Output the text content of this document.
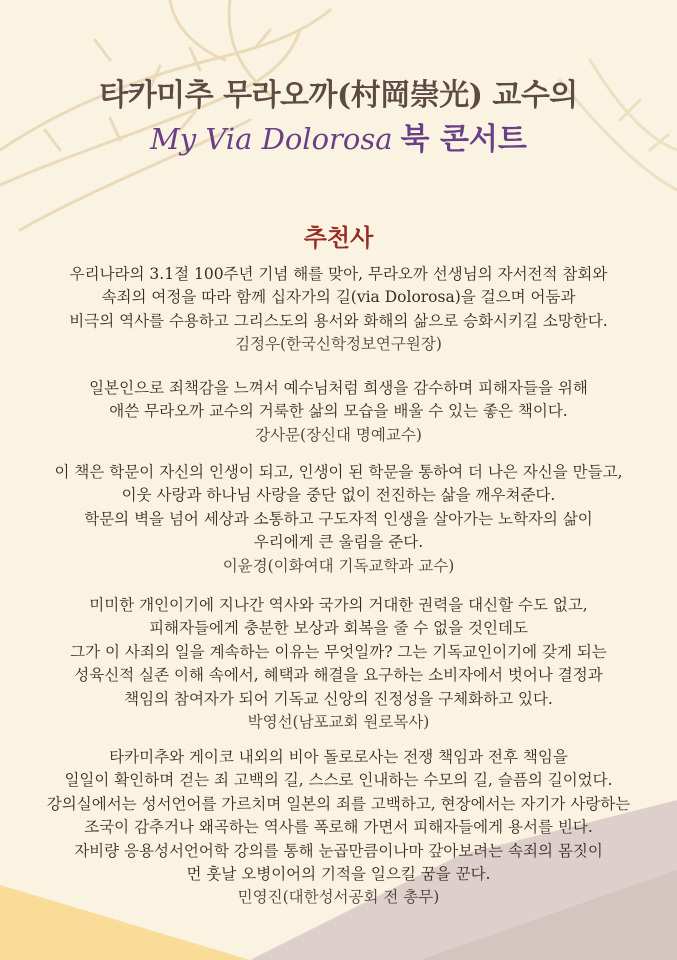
타카미추 무라오까(村岡崇光) 교수의
My Via Dolorosa 북 콘서트
추천사
우리나라의 3.1절 100주년 기념 해를 맞아, 무라오까 선생님의 자서전적 참회와
속죄의 여정을 따라 함께 십자가의 길(via Dolorosa)을 걸으며 어둠과
비극의 역사를 수용하고 그리스도의 용서와 화해의 삶으로 승화시키길 소망한다.
김정우(한국신학정보연구원장)
일본인으로 죄책감을 느껴서 예수님처럼 희생을 감수하며 피해자들을 위해
애쓴 무라오까 교수의 거룩한 삶의 모습을 배울 수 있는 좋은 책이다.
강사문(장신대 명예교수)
이 책은 학문이 자신의 인생이 되고, 인생이 된 학문을 통하여 더 나은 자신을 만들고,
이웃 사랑과 하나님 사랑을 중단 없이 전진하는 삶을 깨우쳐준다.
학문의 벽을 넘어 세상과 소통하고 구도자적 인생을 살아가는 노학자의 삶이
우리에게 큰 울림을 준다.
이윤경(이화여대 기독교학과 교수)
미미한 개인이기에 지나간 역사와 국가의 거대한 권력을 대신할 수도 없고,
피해자들에게 충분한 보상과 회복을 줄 수 없을 것인데도
그가 이 사죄의 일을 계속하는 이유는 무엇일까? 그는 기독교인이기에 갖게 되는
성육신적 실존 이해 속에서, 혜택과 해결을 요구하는 소비자에서 벗어나 결정과
책임의 참여자가 되어 기독교 신앙의 진정성을 구체화하고 있다.
박영선(남포교회 원로목사)
타카미추와 게이코 내외의 비아 돌로로사는 전쟁 책임과 전후 책임을
일일이 확인하며 걷는 죄 고백의 길, 스스로 인내하는 수모의 길, 슬픔의 길이었다.
강의실에서는 성서언어를 가르치며 일본의 죄를 고백하고, 현장에서는 자기가 사랑하는
조국이 감추거나 왜곡하는 역사를 폭로해 가면서 피해자들에게 용서를 빈다.
자비량 응용성서언어학 강의를 통해 눈곱만큼이나마 갚아보려는 속죄의 몸짓이
먼 훗날 오병이어의 기적을 일으킬 꿈을 꾼다.
민영진(대한성서공회 전 총무)
